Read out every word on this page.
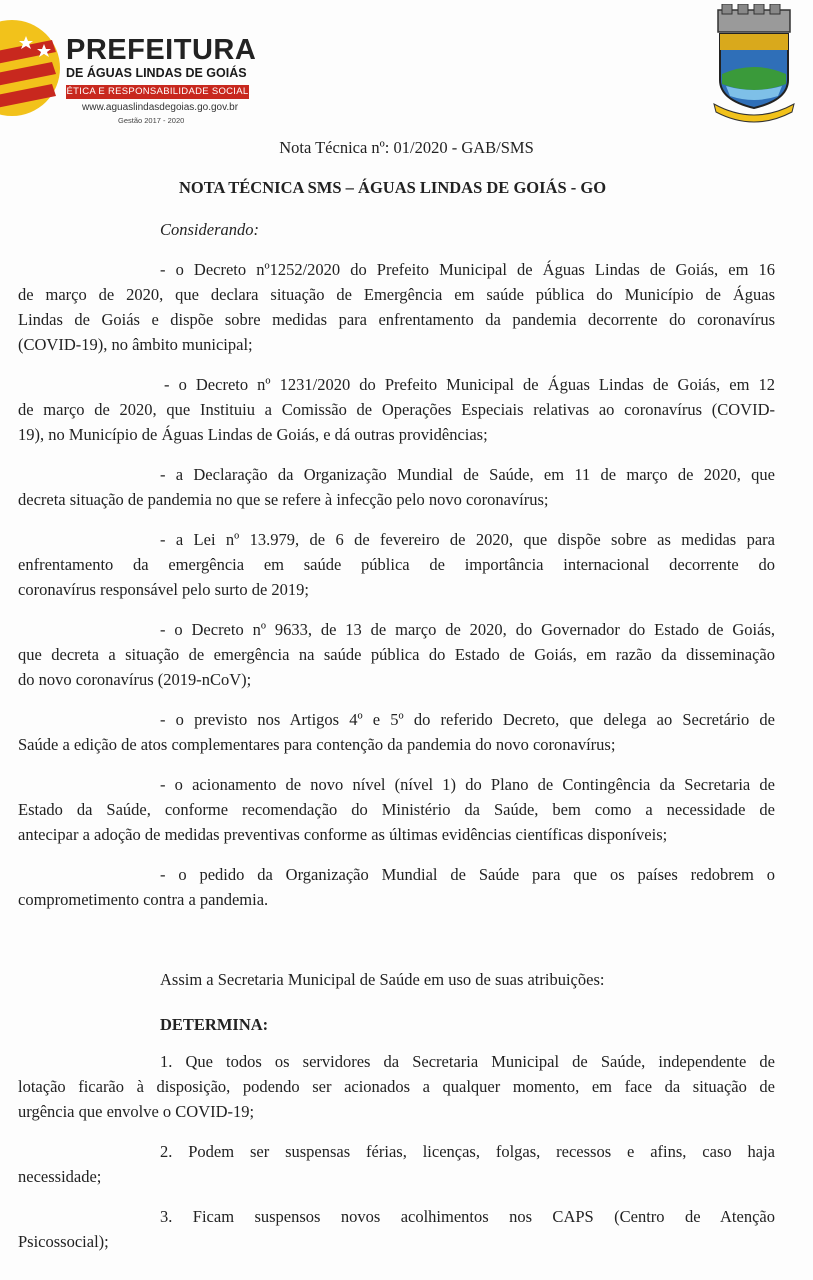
PREFEITURA
DE ÁGUAS LINDAS DE GOIÁS
ÉTICA E RESPONSABILIDADE SOCIAL
www.aguaslindasdegoias.go.gov.br
Gestão 2017 - 2020
Nota Técnica nº: 01/2020 - GAB/SMS
NOTA TÉCNICA SMS – ÁGUAS LINDAS DE GOIÁS - GO
Considerando:
- o Decreto nº1252/2020 do Prefeito Municipal de Águas Lindas de Goiás, em 16
de março de 2020, que declara situação de Emergência em saúde pública do Município de Águas
Lindas de Goiás e dispõe sobre medidas para enfrentamento da pandemia decorrente do coronavírus
(COVID-19), no âmbito municipal;
- o Decreto nº 1231/2020 do Prefeito Municipal de Águas Lindas de Goiás, em 12
de março de 2020, que Instituiu a Comissão de Operações Especiais relativas ao coronavírus (COVID-
19), no Município de Águas Lindas de Goiás, e dá outras providências;
- a Declaração da Organização Mundial de Saúde, em 11 de março de 2020, que
decreta situação de pandemia no que se refere à infecção pelo novo coronavírus;
- a Lei nº 13.979, de 6 de fevereiro de 2020, que dispõe sobre as medidas para
enfrentamento da emergência em saúde pública de importância internacional decorrente do
coronavírus responsável pelo surto de 2019;
- o Decreto nº 9633, de 13 de março de 2020, do Governador do Estado de Goiás,
que decreta a situação de emergência na saúde pública do Estado de Goiás, em razão da disseminação
do novo coronavírus (2019-nCoV);
- o previsto nos Artigos 4º e 5º do referido Decreto, que delega ao Secretário de
Saúde a edição de atos complementares para contenção da pandemia do novo coronavírus;
- o acionamento de novo nível (nível 1) do Plano de Contingência da Secretaria de
Estado da Saúde, conforme recomendação do Ministério da Saúde, bem como a necessidade de
antecipar a adoção de medidas preventivas conforme as últimas evidências científicas disponíveis;
- o pedido da Organização Mundial de Saúde para que os países redobrem o
comprometimento contra a pandemia.
Assim a Secretaria Municipal de Saúde em uso de suas atribuições:
DETERMINA:
1. Que todos os servidores da Secretaria Municipal de Saúde, independente de
lotação ficarão à disposição, podendo ser acionados a qualquer momento, em face da situação de
urgência que envolve o COVID-19;
2. Podem ser suspensas férias, licenças, folgas, recessos e afins, caso haja
necessidade;
3. Ficam suspensos novos acolhimentos nos CAPS (Centro de Atenção
Psicossocial);
